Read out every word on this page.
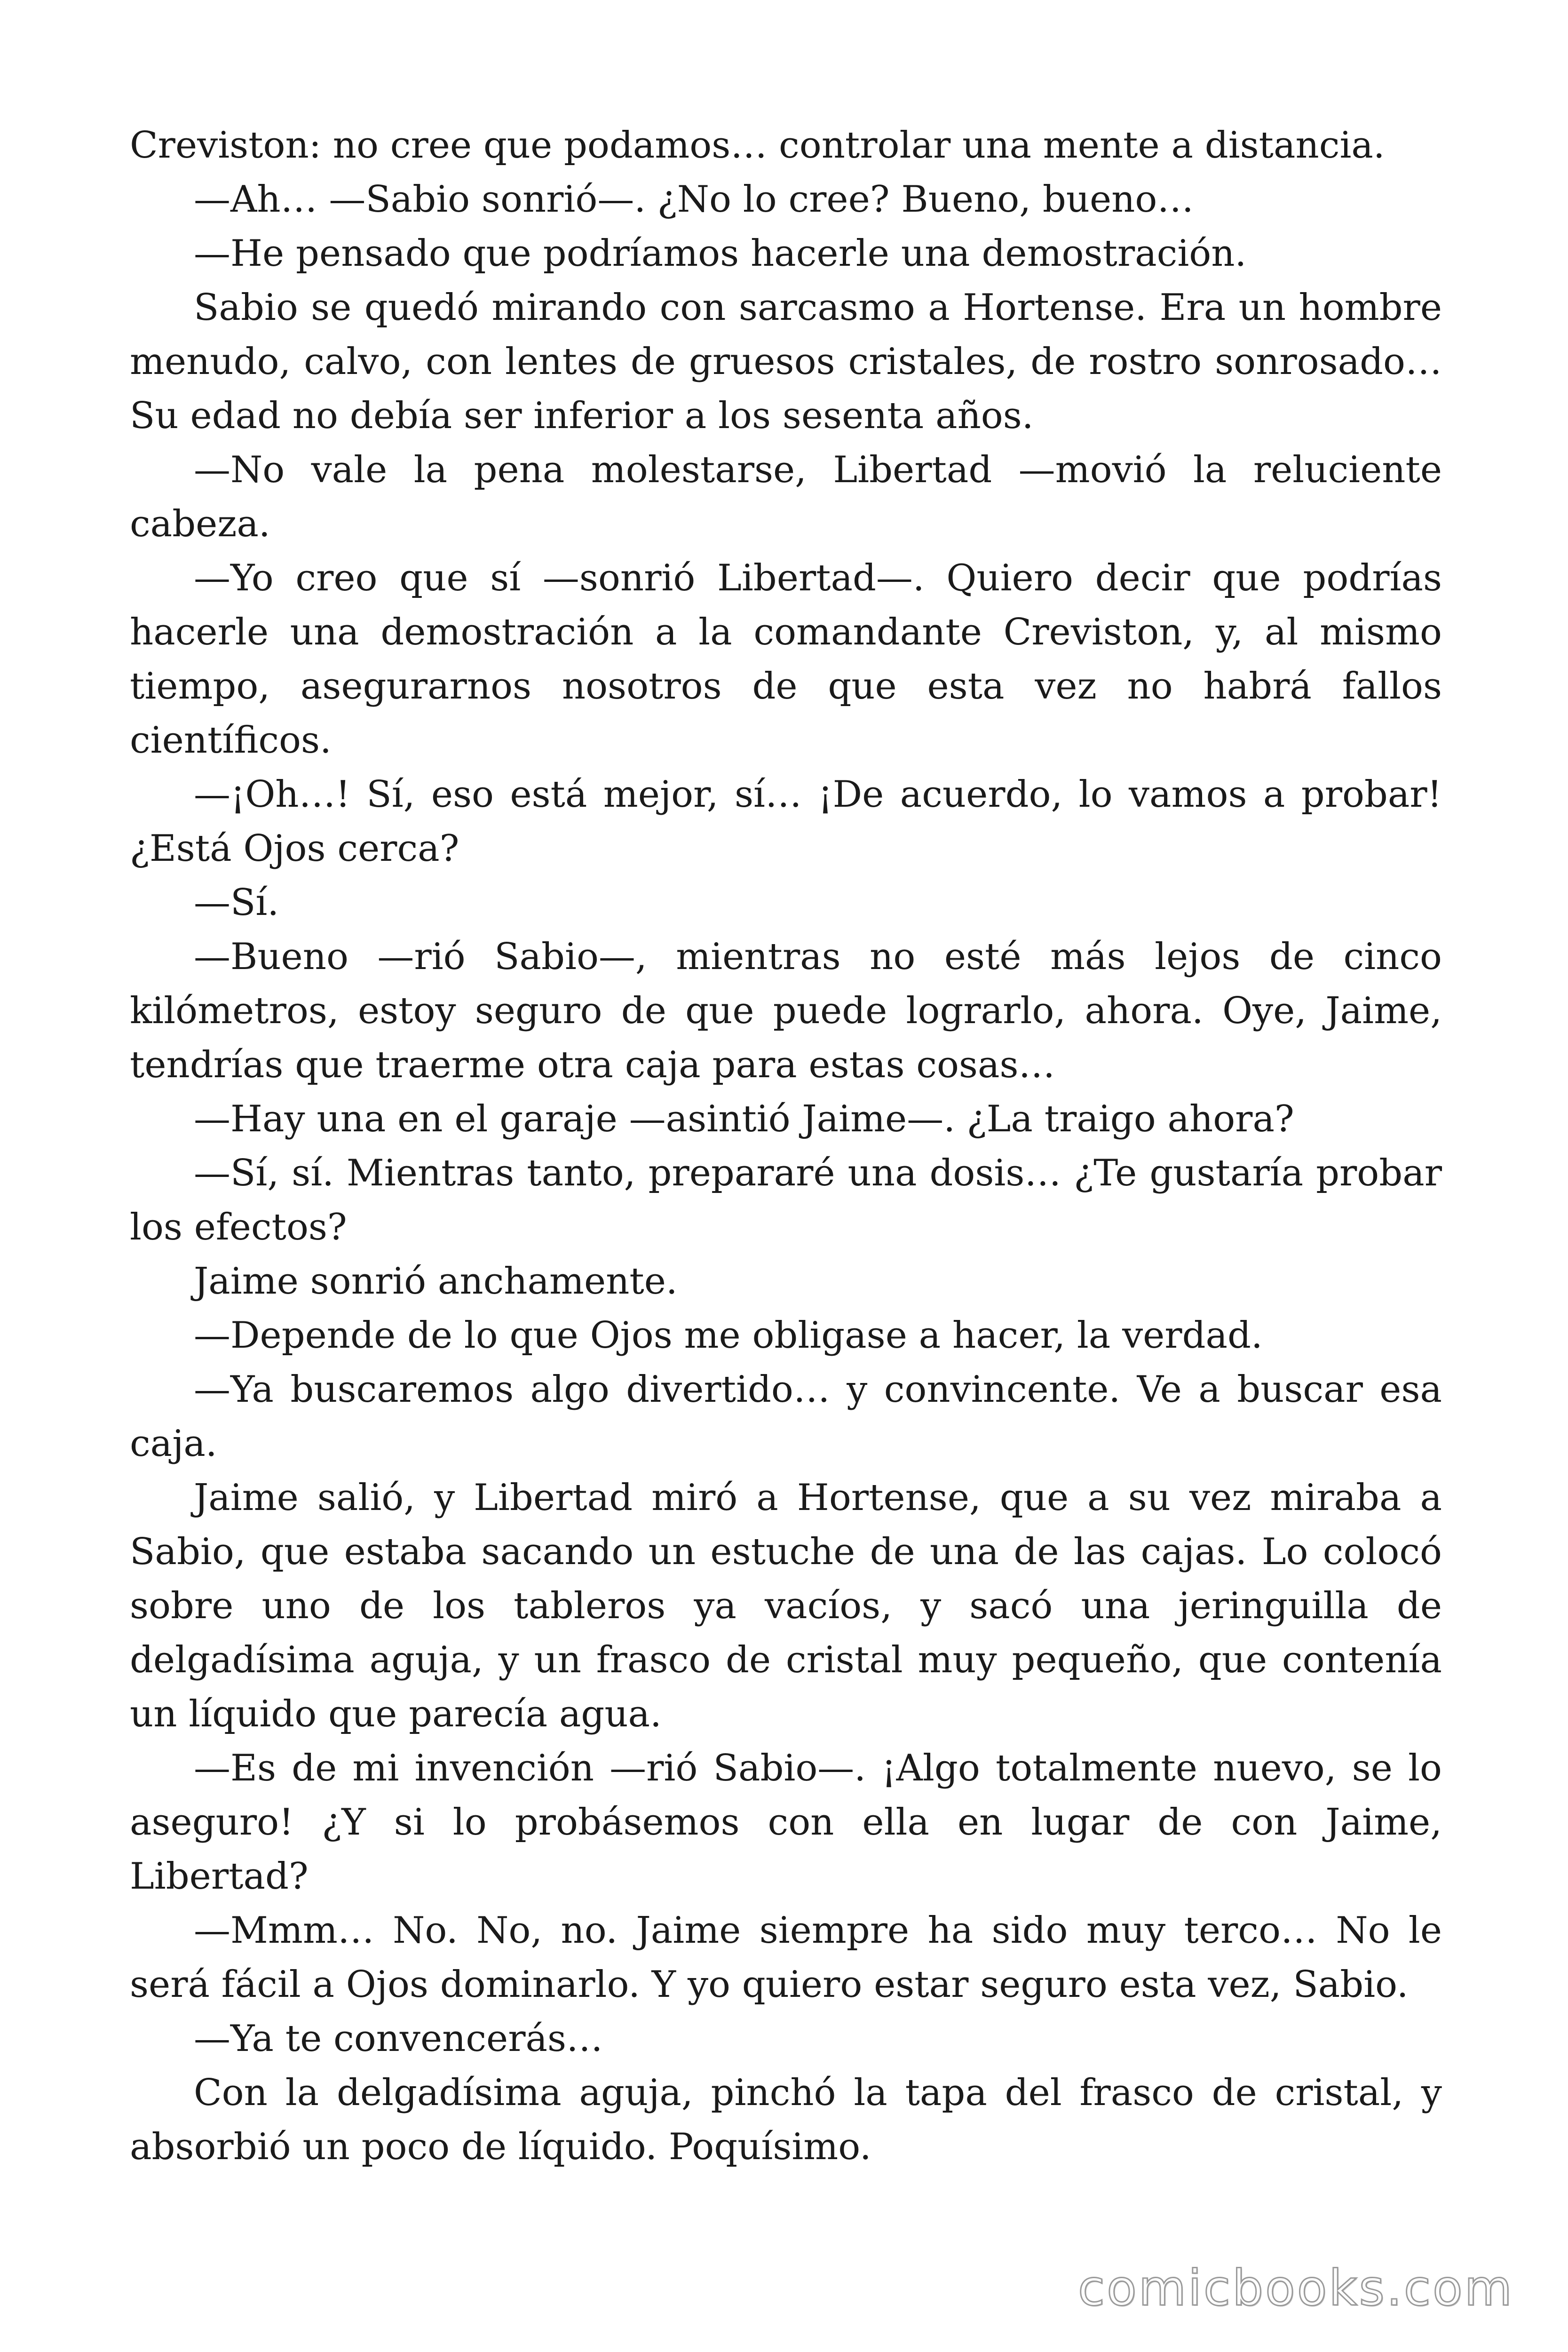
Creviston: no cree que podamos… controlar una mente a distancia.

—Ah… —Sabio sonrió—. ¿No lo cree? Bueno, bueno…

—He pensado que podríamos hacerle una demostración.

Sabio se quedó mirando con sarcasmo a Hortense. Era un hombre menudo, calvo, con lentes de gruesos cristales, de rostro sonrosado… Su edad no debía ser inferior a los sesenta años.

—No vale la pena molestarse, Libertad —movió la reluciente cabeza.

—Yo creo que sí —sonrió Libertad—. Quiero decir que podrías hacerle una demostración a la comandante Creviston, y, al mismo tiempo, asegurarnos nosotros de que esta vez no habrá fallos científicos.

—¡Oh…! Sí, eso está mejor, sí… ¡De acuerdo, lo vamos a probar! ¿Está Ojos cerca?

—Sí.

—Bueno —rió Sabio—, mientras no esté más lejos de cinco kilómetros, estoy seguro de que puede lograrlo, ahora. Oye, Jaime, tendrías que traerme otra caja para estas cosas…

—Hay una en el garaje —asintió Jaime—. ¿La traigo ahora?

—Sí, sí. Mientras tanto, prepararé una dosis… ¿Te gustaría probar los efectos?

Jaime sonrió anchamente.

—Depende de lo que Ojos me obligase a hacer, la verdad.

—Ya buscaremos algo divertido… y convincente. Ve a buscar esa caja.

Jaime salió, y Libertad miró a Hortense, que a su vez miraba a Sabio, que estaba sacando un estuche de una de las cajas. Lo colocó sobre uno de los tableros ya vacíos, y sacó una jeringuilla de delgadísima aguja, y un frasco de cristal muy pequeño, que contenía un líquido que parecía agua.

—Es de mi invención —rió Sabio—. ¡Algo totalmente nuevo, se lo aseguro! ¿Y si lo probásemos con ella en lugar de con Jaime, Libertad?

—Mmm… No. No, no. Jaime siempre ha sido muy terco… No le será fácil a Ojos dominarlo. Y yo quiero estar seguro esta vez, Sabio.

—Ya te convencerás…

Con la delgadísima aguja, pinchó la tapa del frasco de cristal, y absorbió un poco de líquido. Poquísimo.

comicbooks.com
